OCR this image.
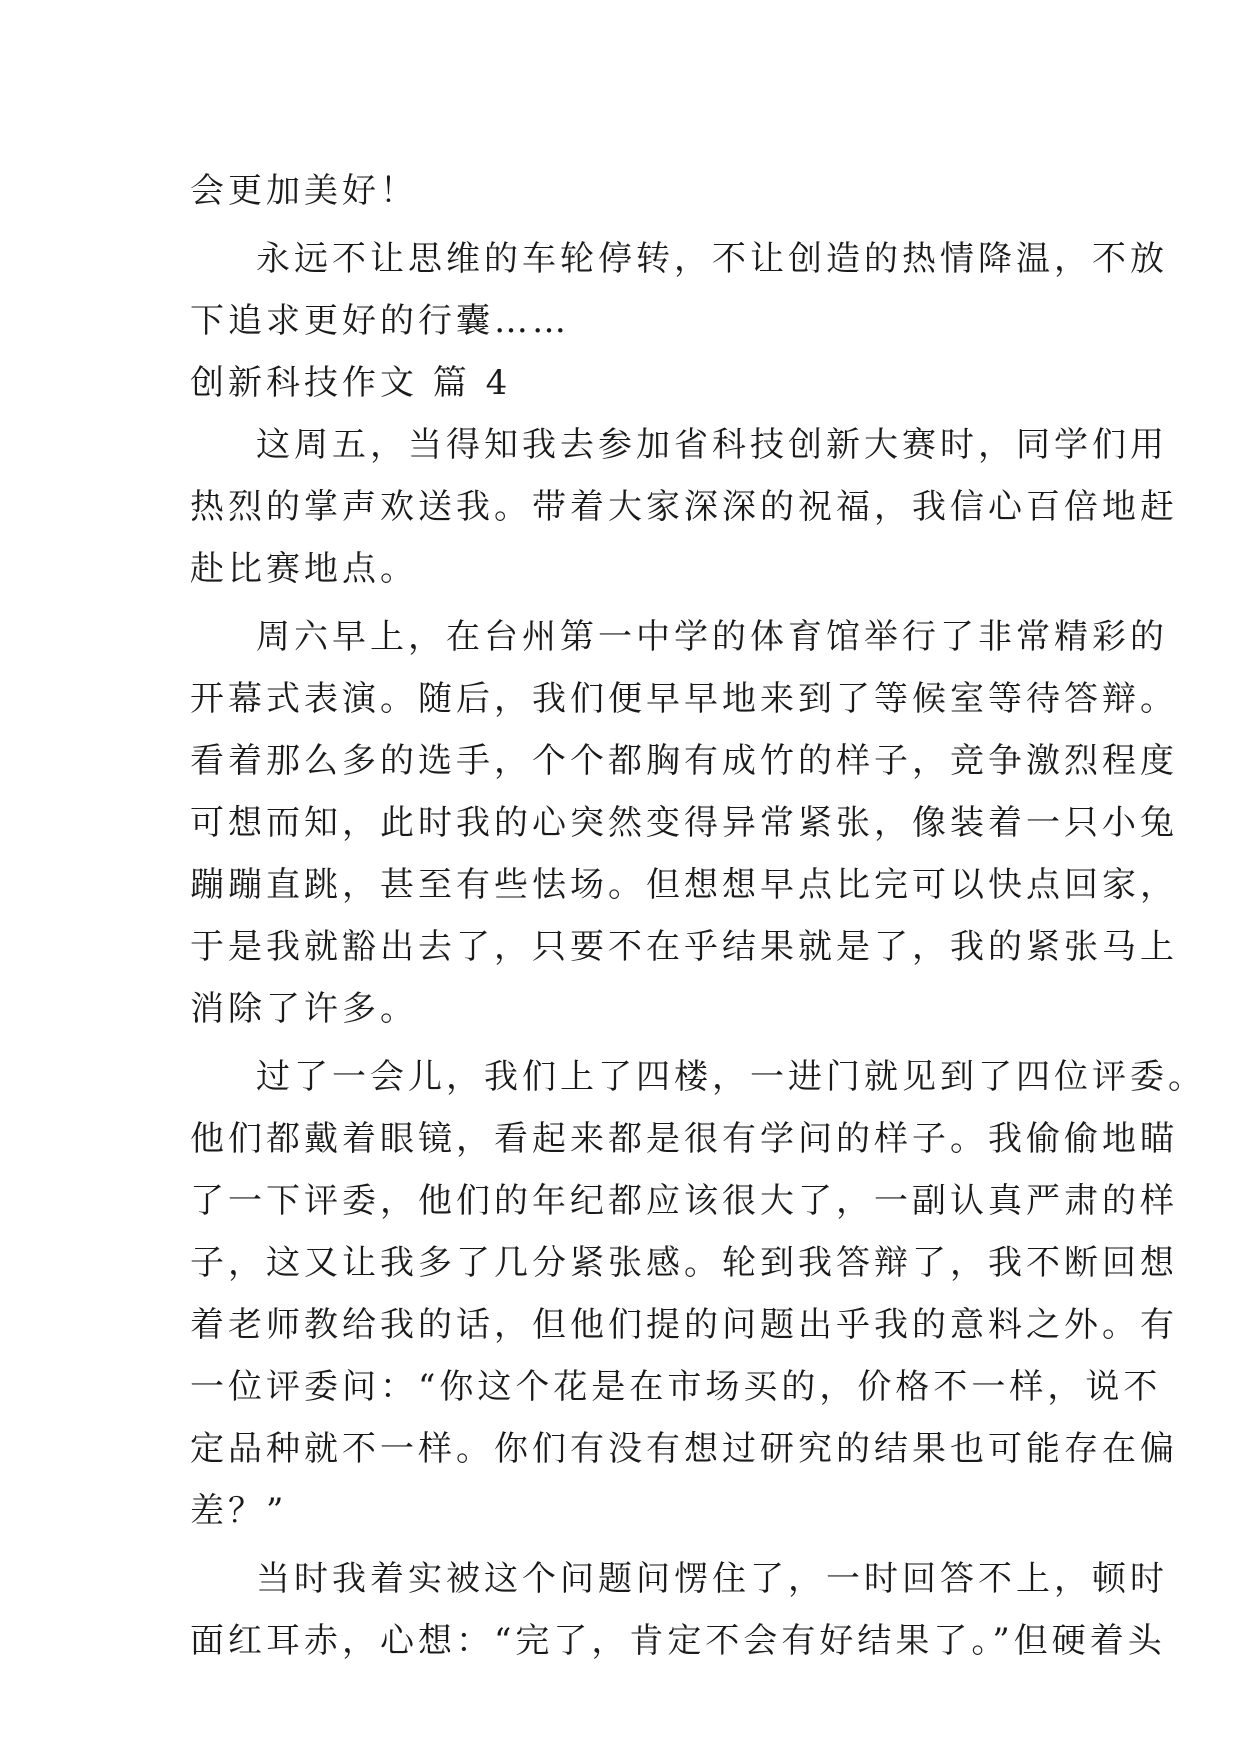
会更加美好！
永远不让思维的车轮停转，不让创造的热情降温，不放
下追求更好的行囊……
创新科技作文 篇 4
这周五，当得知我去参加省科技创新大赛时，同学们用
热烈的掌声欢送我。带着大家深深的祝福，我信心百倍地赶
赴比赛地点。
周六早上，在台州第一中学的体育馆举行了非常精彩的
开幕式表演。随后，我们便早早地来到了等候室等待答辩。
看着那么多的选手，个个都胸有成竹的样子，竞争激烈程度
可想而知，此时我的心突然变得异常紧张，像装着一只小兔
蹦蹦直跳，甚至有些怯场。但想想早点比完可以快点回家，
于是我就豁出去了，只要不在乎结果就是了，我的紧张马上
消除了许多。
过了一会儿，我们上了四楼，一进门就见到了四位评委。
他们都戴着眼镜，看起来都是很有学问的样子。我偷偷地瞄
了一下评委，他们的年纪都应该很大了，一副认真严肃的样
子，这又让我多了几分紧张感。轮到我答辩了，我不断回想
着老师教给我的话，但他们提的问题出乎我的意料之外。有
一位评委问：“你这个花是在市场买的，价格不一样，说不
定品种就不一样。你们有没有想过研究的结果也可能存在偏
差？”
当时我着实被这个问题问愣住了，一时回答不上，顿时
面红耳赤，心想：“完了，肯定不会有好结果了。”但硬着头
